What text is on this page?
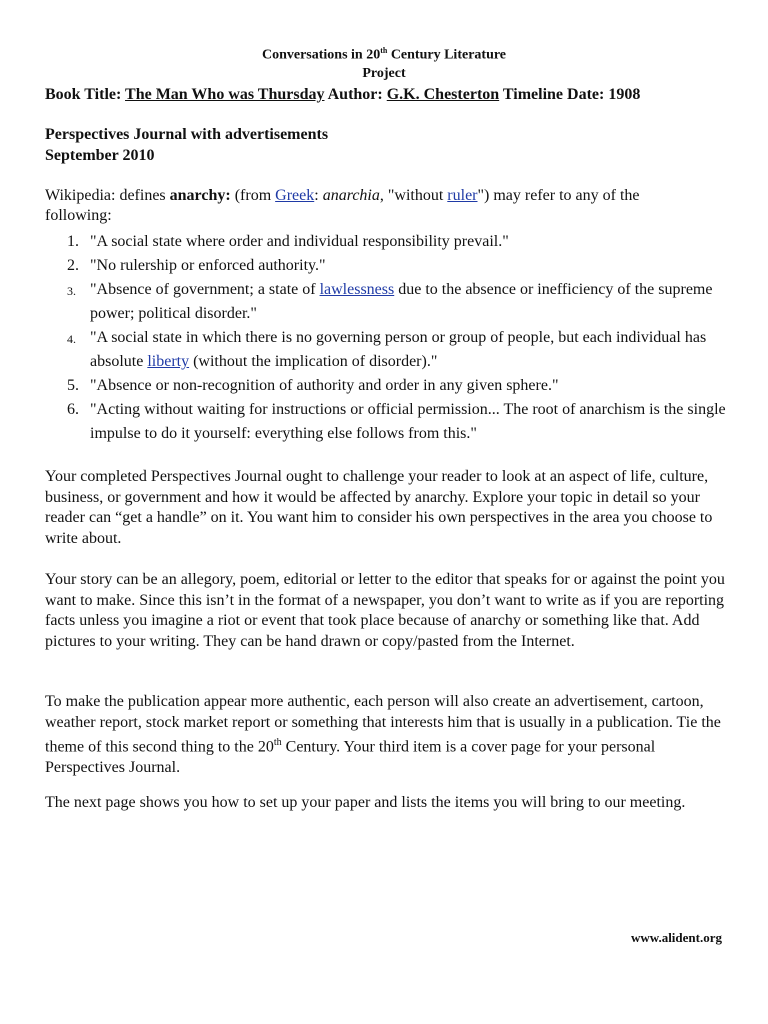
Conversations in 20th Century Literature
Project
Book Title: The Man Who was Thursday Author: G.K. Chesterton Timeline Date: 1908
Perspectives Journal with advertisements
September 2010
Wikipedia: defines anarchy: (from Greek: anarchia, "without ruler") may refer to any of the
following:
1. "A social state where order and individual responsibility prevail."
2. "No rulership or enforced authority."
3. "Absence of government; a state of lawlessness due to the absence or inefficiency of the supreme power; political disorder."
4. "A social state in which there is no governing person or group of people, but each individual has absolute liberty (without the implication of disorder)."
5. "Absence or non-recognition of authority and order in any given sphere."
6. "Acting without waiting for instructions or official permission... The root of anarchism is the single impulse to do it yourself: everything else follows from this."

Your completed Perspectives Journal ought to challenge your reader to look at an aspect of life, culture, business, or government and how it would be affected by anarchy. Explore your topic in detail so your reader can “get a handle” on it. You want him to consider his own perspectives in the area you choose to write about.

Your story can be an allegory, poem, editorial or letter to the editor that speaks for or against the point you want to make. Since this isn’t in the format of a newspaper, you don’t want to write as if you are reporting facts unless you imagine a riot or event that took place because of anarchy or something like that. Add pictures to your writing. They can be hand drawn or copy/pasted from the Internet.

To make the publication appear more authentic, each person will also create an advertisement, cartoon, weather report, stock market report or something that interests him that is usually in a publication. Tie the theme of this second thing to the 20th Century. Your third item is a cover page for your personal Perspectives Journal.

The next page shows you how to set up your paper and lists the items you will bring to our meeting.

www.alident.org
